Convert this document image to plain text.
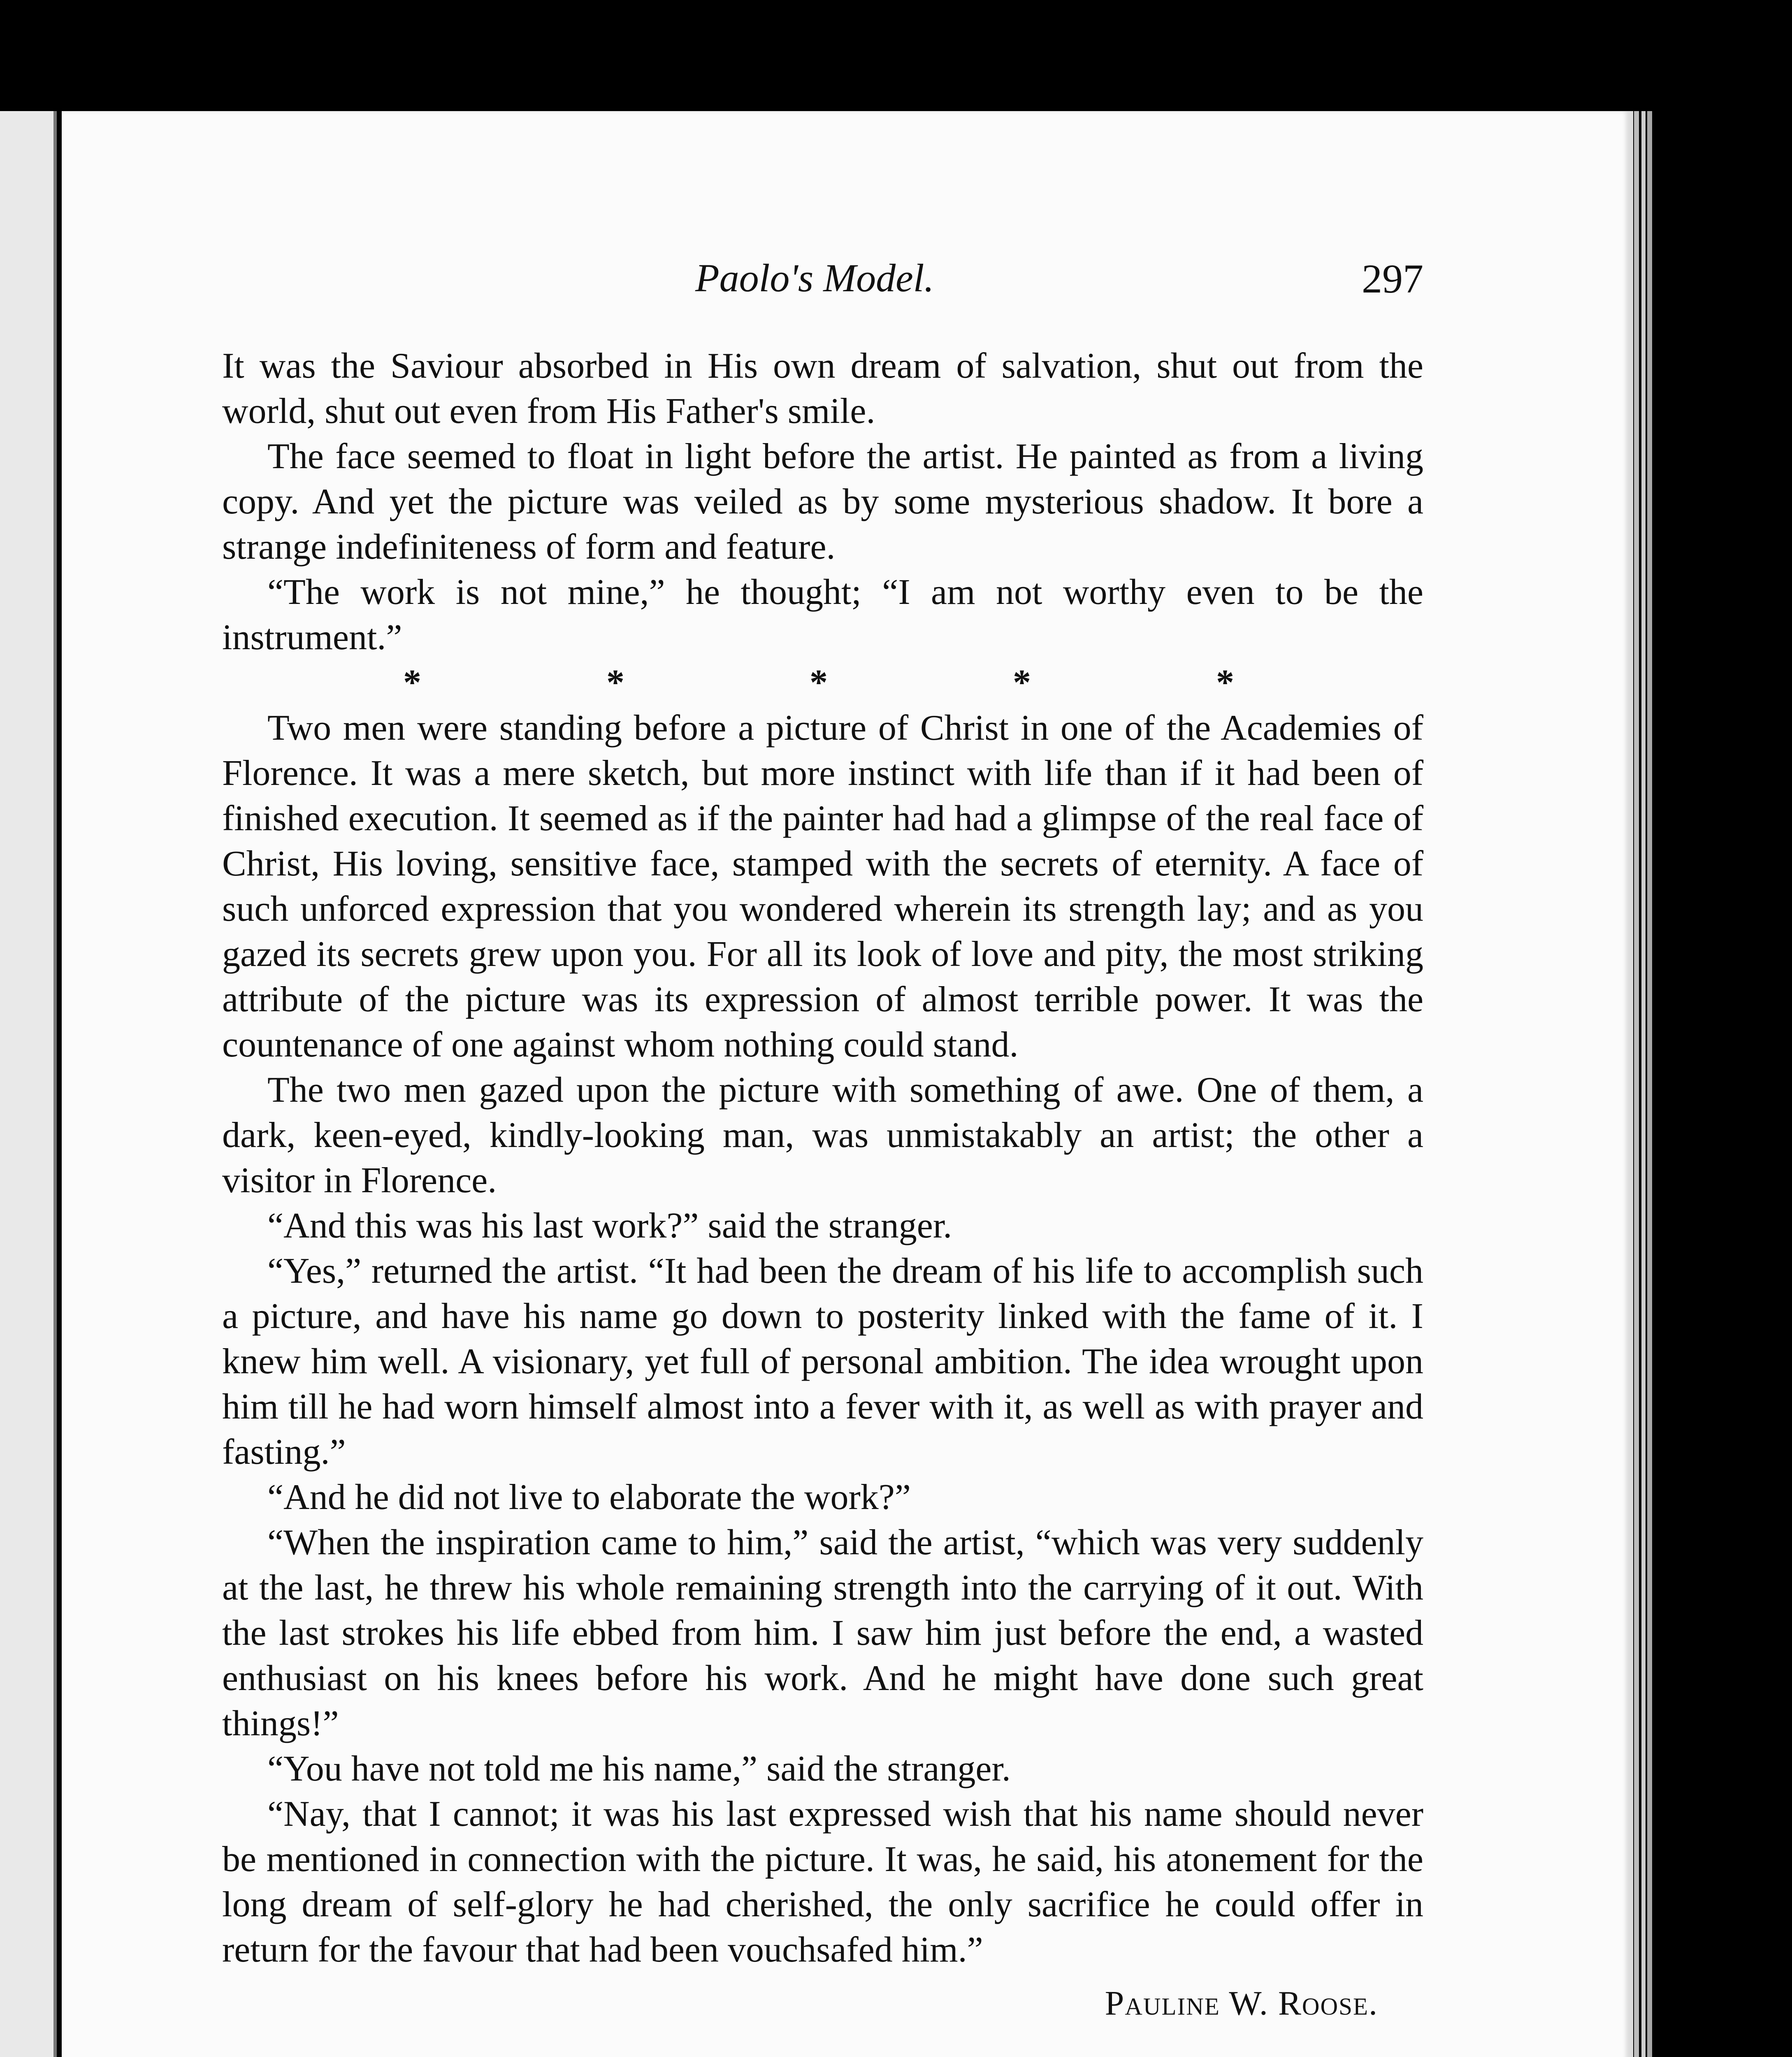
Paolo's Model.	297

It was the Saviour absorbed in His own dream of salvation, shut out from the world, shut out even from His Father's smile.

The face seemed to float in light before the artist. He painted as from a living copy. And yet the picture was veiled as by some mysterious shadow. It bore a strange indefiniteness of form and feature.

“The work is not mine,” he thought; “I am not worthy even to be the instrument.”

*	*	*	*	*

Two men were standing before a picture of Christ in one of the Academies of Florence. It was a mere sketch, but more instinct with life than if it had been of finished execution. It seemed as if the painter had had a glimpse of the real face of Christ, His loving, sensitive face, stamped with the secrets of eternity. A face of such unforced expression that you wondered wherein its strength lay; and as you gazed its secrets grew upon you. For all its look of love and pity, the most striking attribute of the picture was its expression of almost terrible power. It was the countenance of one against whom nothing could stand.

The two men gazed upon the picture with something of awe. One of them, a dark, keen-eyed, kindly-looking man, was unmistakably an artist; the other a visitor in Florence.

“And this was his last work?” said the stranger.

“Yes,” returned the artist. “It had been the dream of his life to accomplish such a picture, and have his name go down to posterity linked with the fame of it. I knew him well. A visionary, yet full of personal ambition. The idea wrought upon him till he had worn himself almost into a fever with it, as well as with prayer and fasting.”

“And he did not live to elaborate the work?”

“When the inspiration came to him,” said the artist, “which was very suddenly at the last, he threw his whole remaining strength into the carrying of it out. With the last strokes his life ebbed from him. I saw him just before the end, a wasted enthusiast on his knees before his work. And he might have done such great things!”

“You have not told me his name,” said the stranger.

“Nay, that I cannot; it was his last expressed wish that his name should never be mentioned in connection with the picture. It was, he said, his atonement for the long dream of self-glory he had cherished, the only sacrifice he could offer in return for the favour that had been vouchsafed him.”

Pauline W. Roose.
